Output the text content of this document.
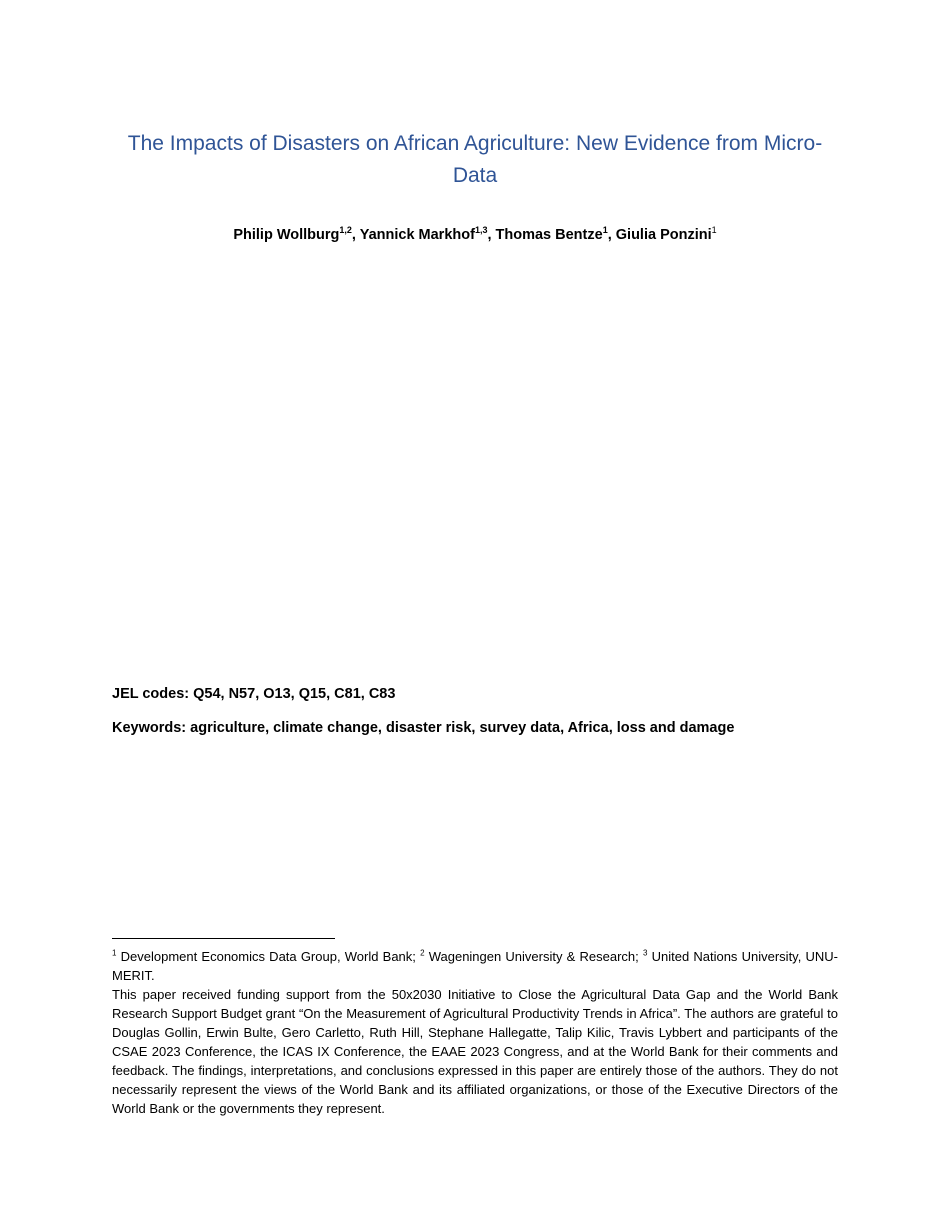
The Impacts of Disasters on African Agriculture: New Evidence from Micro-Data
Philip Wollburg$^{1,2}$, Yannick Markhof$^{1,3}$, Thomas Bentze$^1$, Giulia Ponzini$^1$
JEL codes: Q54, N57, O13, Q15, C81, C83
Keywords: agriculture, climate change, disaster risk, survey data, Africa, loss and damage

$^1$ Development Economics Data Group, World Bank; $^2$ Wageningen University & Research; $^3$ United Nations University, UNU-MERIT.

This paper received funding support from the 50x2030 Initiative to Close the Agricultural Data Gap and the World Bank Research Support Budget grant “On the Measurement of Agricultural Productivity Trends in Africa”. The authors are grateful to Douglas Gollin, Erwin Bulte, Gero Carletto, Ruth Hill, Stephane Hallegatte, Talip Kilic, Travis Lybbert and participants of the CSAE 2023 Conference, the ICAS IX Conference, the EAAE 2023 Congress, and at the World Bank for their comments and feedback. The findings, interpretations, and conclusions expressed in this paper are entirely those of the authors. They do not necessarily represent the views of the World Bank and its affiliated organizations, or those of the Executive Directors of the World Bank or the governments they represent.
